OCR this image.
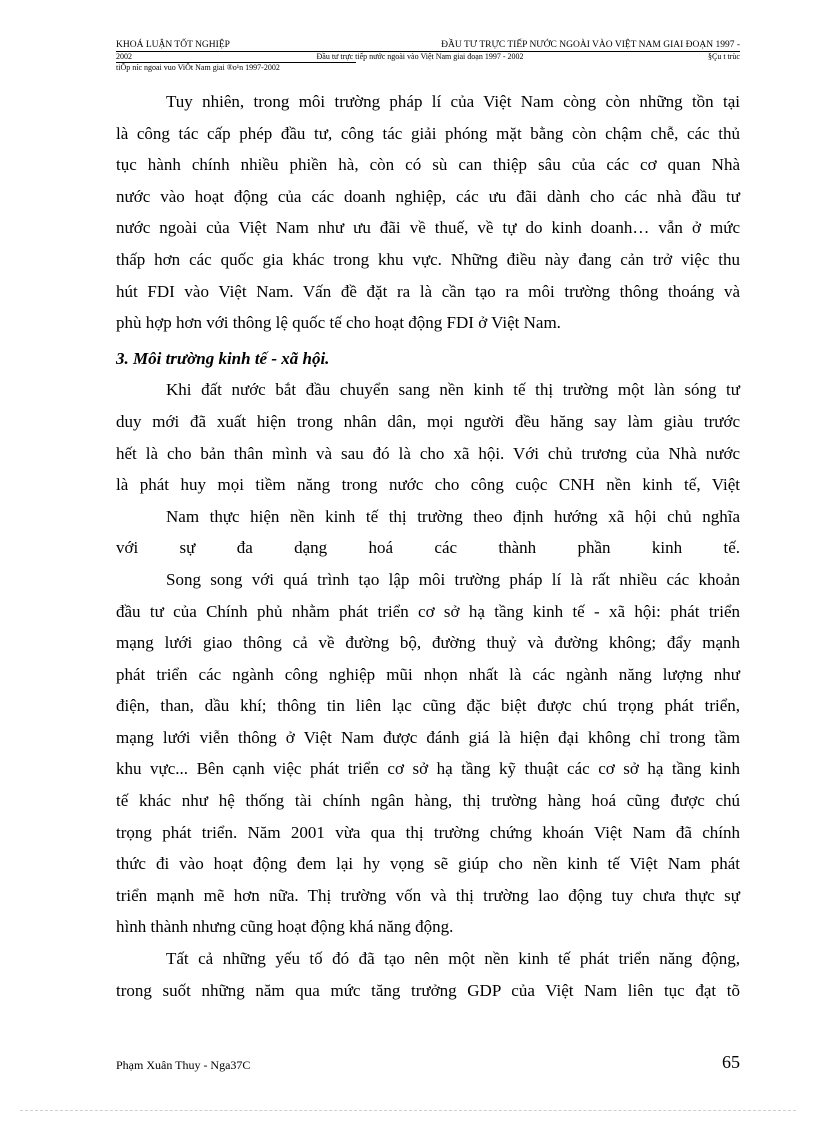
KHOÁ LUẬN TỐT NGHIỆP	ĐẦU TƯ TRỰC TIẾP NƯỚC NGOÀI VÀO VIỆT NAM GIAI ĐOẠN 1997 -
2002	Đầu tư trực tiếp nước ngoài vào Việt Nam giai đoạn 1997 - 2002	§Çu t trùc
tiÕp níc ngoai vuo ViÖt Nam giai ®o¹n 1997-2002
Tuy nhiên, trong môi trường pháp lí của Việt Nam còng còn những tồn tại
là công tác cấp phép đầu tư, công tác giải phóng mặt bằng còn chậm chễ, các thủ
tục hành chính nhiều phiền hà, còn có sù can thiệp sâu của các cơ quan Nhà
nước vào hoạt động của các doanh nghiệp, các ưu đãi dành cho các nhà đầu tư
nước ngoài của Việt Nam như ưu đãi về thuế, về tự do kinh doanh… vẫn ở mức
thấp hơn các quốc gia khác trong khu vực. Những điều này đang cản trở việc thu
hút FDI vào Việt Nam. Vấn đề đặt ra là cần tạo ra môi trường thông thoáng và
phù hợp hơn với thông lệ quốc tế cho hoạt động FDI ở Việt Nam.
3. Môi trường kinh tế - xã hội.
Khi đất nước bắt đầu chuyển sang nền kinh tế thị trường một làn sóng tư
duy mới đã xuất hiện trong nhân dân, mọi người đều hăng say làm giàu trước
hết là cho bản thân mình và sau đó là cho xã hội. Với chủ trương của Nhà nước
là phát huy mọi tiềm năng trong nước cho công cuộc CNH nền kinh tế, Việt
Nam thực hiện nền kinh tế thị trường theo định hướng xã hội chủ nghĩa
với sự đa dạng hoá các thành phần kinh tế.
Song song với quá trình tạo lập môi trường pháp lí là rất nhiều các khoản
đầu tư của Chính phủ nhằm phát triển cơ sở hạ tầng kinh tế - xã hội: phát triển
mạng lưới giao thông cả về đường bộ, đường thuỷ và đường không; đẩy mạnh
phát triển các ngành công nghiệp mũi nhọn nhất là các ngành năng lượng như
điện, than, dầu khí; thông tin liên lạc cũng đặc biệt được chú trọng phát triển,
mạng lưới viễn thông ở Việt Nam được đánh giá là hiện đại không chỉ trong tầm
khu vực... Bên cạnh việc phát triển cơ sở hạ tầng kỹ thuật các cơ sở hạ tầng kinh
tế khác như hệ thống tài chính ngân hàng, thị trường hàng hoá cũng được chú
trọng phát triển. Năm 2001 vừa qua thị trường chứng khoán Việt Nam đã chính
thức đi vào hoạt động đem lại hy vọng sẽ giúp cho nền kinh tế Việt Nam phát
triển mạnh mẽ hơn nữa. Thị trường vốn và thị trường lao động tuy chưa thực sự
hình thành nhưng cũng hoạt động khá năng động.
Tất cả những yếu tố đó đã tạo nên một nền kinh tế phát triển năng động,
trong suốt những năm qua mức tăng trưởng GDP của Việt Nam liên tục đạt tõ
Phạm Xuân Thuy - Nga37C	65
